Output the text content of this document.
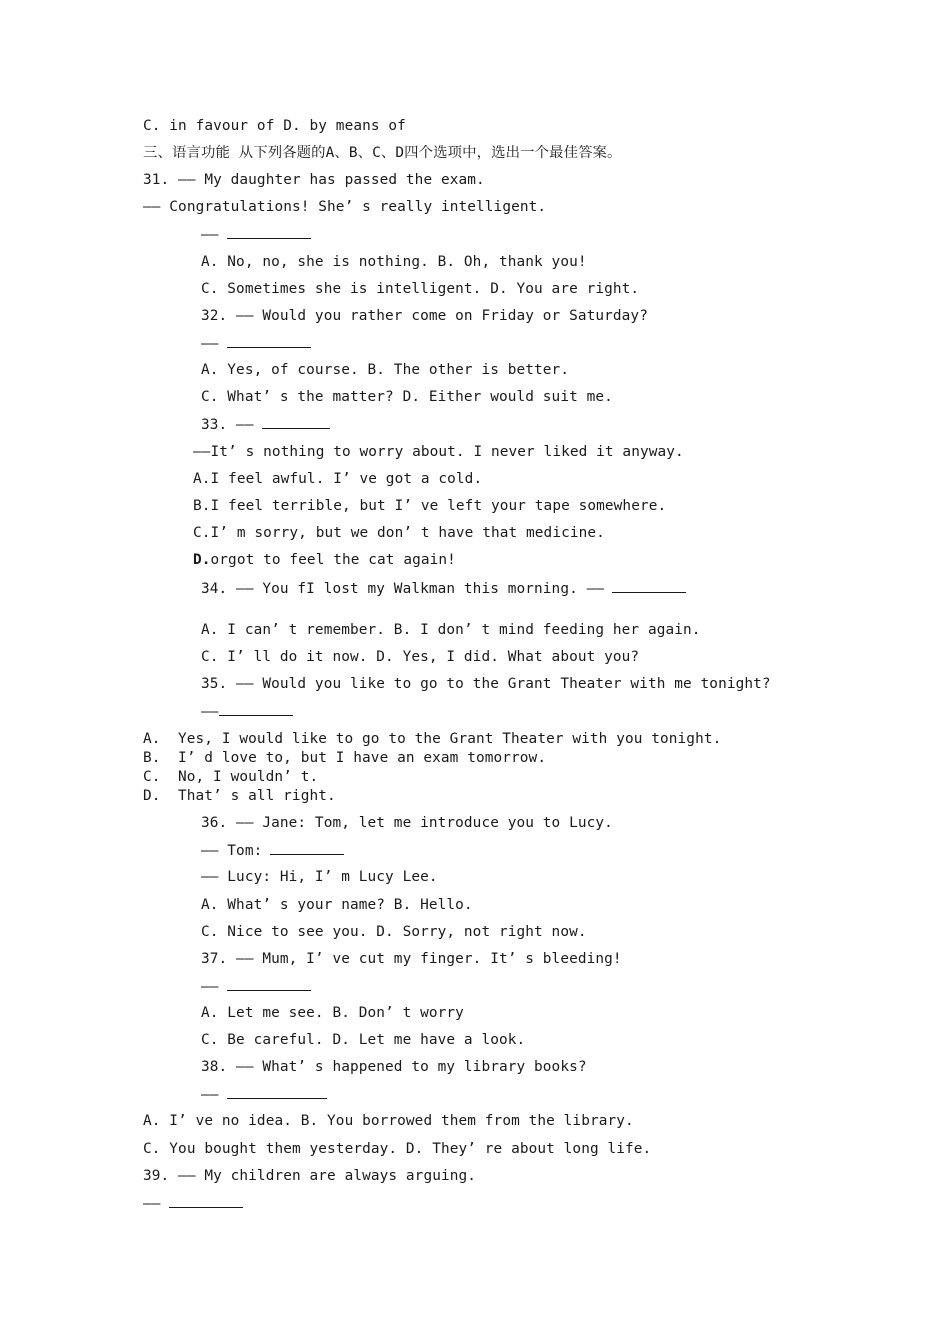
C. in favour of D. by means of
三、语言功能 从下列各题的A、B、C、D四个选项中，选出一个最佳答案。
31. —— My daughter has passed the exam.
—— Congratulations! She’ s really intelligent.
——
A. No, no, she is nothing. B. Oh, thank you!
C. Sometimes she is intelligent. D. You are right.
32. —— Would you rather come on Friday or Saturday?
——
A. Yes, of course. B. The other is better.
C. What’ s the matter? D. Either would suit me.
33. ——
——It’ s nothing to worry about. I never liked it anyway.
A.I feel awful. I’ ve got a cold.
B.I feel terrible, but I’ ve left your tape somewhere.
C.I’ m sorry, but we don’ t have that medicine.
D.orgot to feel the cat again!
34. —— You fI lost my Walkman this morning. ——
A. I can’ t remember. B. I don’ t mind feeding her again.
C. I’ ll do it now. D. Yes, I did. What about you?
35. —— Would you like to go to the Grant Theater with me tonight?
——
A. Yes, I would like to go to the Grant Theater with you tonight.
B. I’ d love to, but I have an exam tomorrow.
C. No, I wouldn’ t.
D. That’ s all right.
36. —— Jane: Tom, let me introduce you to Lucy.
—— Tom:
—— Lucy: Hi, I’ m Lucy Lee.
A. What’ s your name? B. Hello.
C. Nice to see you. D. Sorry, not right now.
37. —— Mum, I’ ve cut my finger. It’ s bleeding!
——
A. Let me see. B. Don’ t worry
C. Be careful. D. Let me have a look.
38. —— What’ s happened to my library books?
——
A. I’ ve no idea. B. You borrowed them from the library.
C. You bought them yesterday. D. They’ re about long life.
39. —— My children are always arguing.
——
